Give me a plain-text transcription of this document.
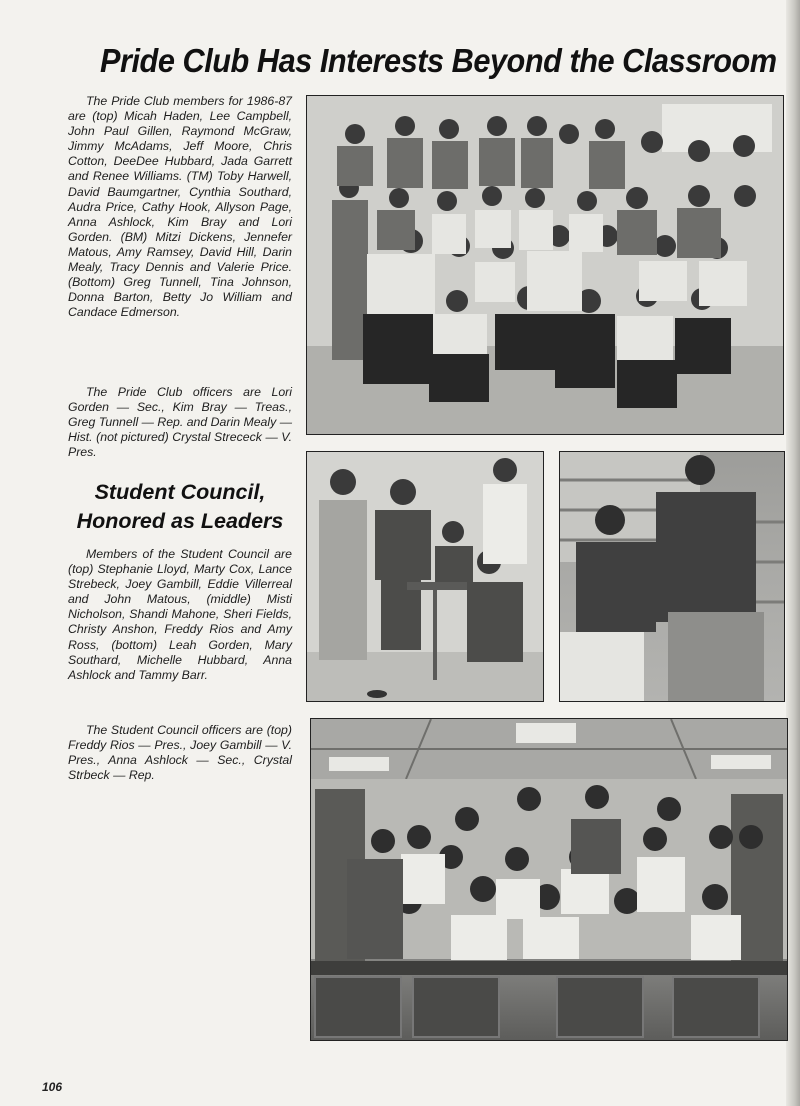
Pride Club Has Interests Beyond the Classroom

The Pride Club members for 1986-87 are (top) Micah Haden, Lee Campbell, John Paul Gillen, Raymond McGraw, Jimmy McAdams, Jeff Moore, Chris Cotton, DeeDee Hubbard, Jada Garrett and Renee Williams. (TM) Toby Harwell, David Baumgartner, Cynthia Southard, Audra Price, Cathy Hook, Allyson Page, Anna Ashlock, Kim Bray and Lori Gorden. (BM) Mitzi Dickens, Jennefer Matous, Amy Ramsey, David Hill, Darin Mealy, Tracy Dennis and Valerie Price. (Bottom) Greg Tunnell, Tina Johnson, Donna Barton, Betty Jo William and Candace Edmerson.

The Pride Club officers are Lori Gorden — Sec., Kim Bray — Treas., Greg Tunnell — Rep. and Darin Mealy — Hist. (not pictured) Crystal Strececk — V. Pres.

Student Council,
Honored as Leaders

Members of the Student Council are (top) Stephanie Lloyd, Marty Cox, Lance Strebeck, Joey Gambill, Eddie Villerreal and John Matous, (middle) Misti Nicholson, Shandi Mahone, Sheri Fields, Christy Anshon, Freddy Rios and Amy Ross, (bottom) Leah Gorden, Mary Southard, Michelle Hubbard, Anna Ashlock and Tammy Barr.

The Student Council officers are (top) Freddy Rios — Pres., Joey Gambill — V. Pres., Anna Ashlock — Sec., Crystal Strbeck — Rep.

106
